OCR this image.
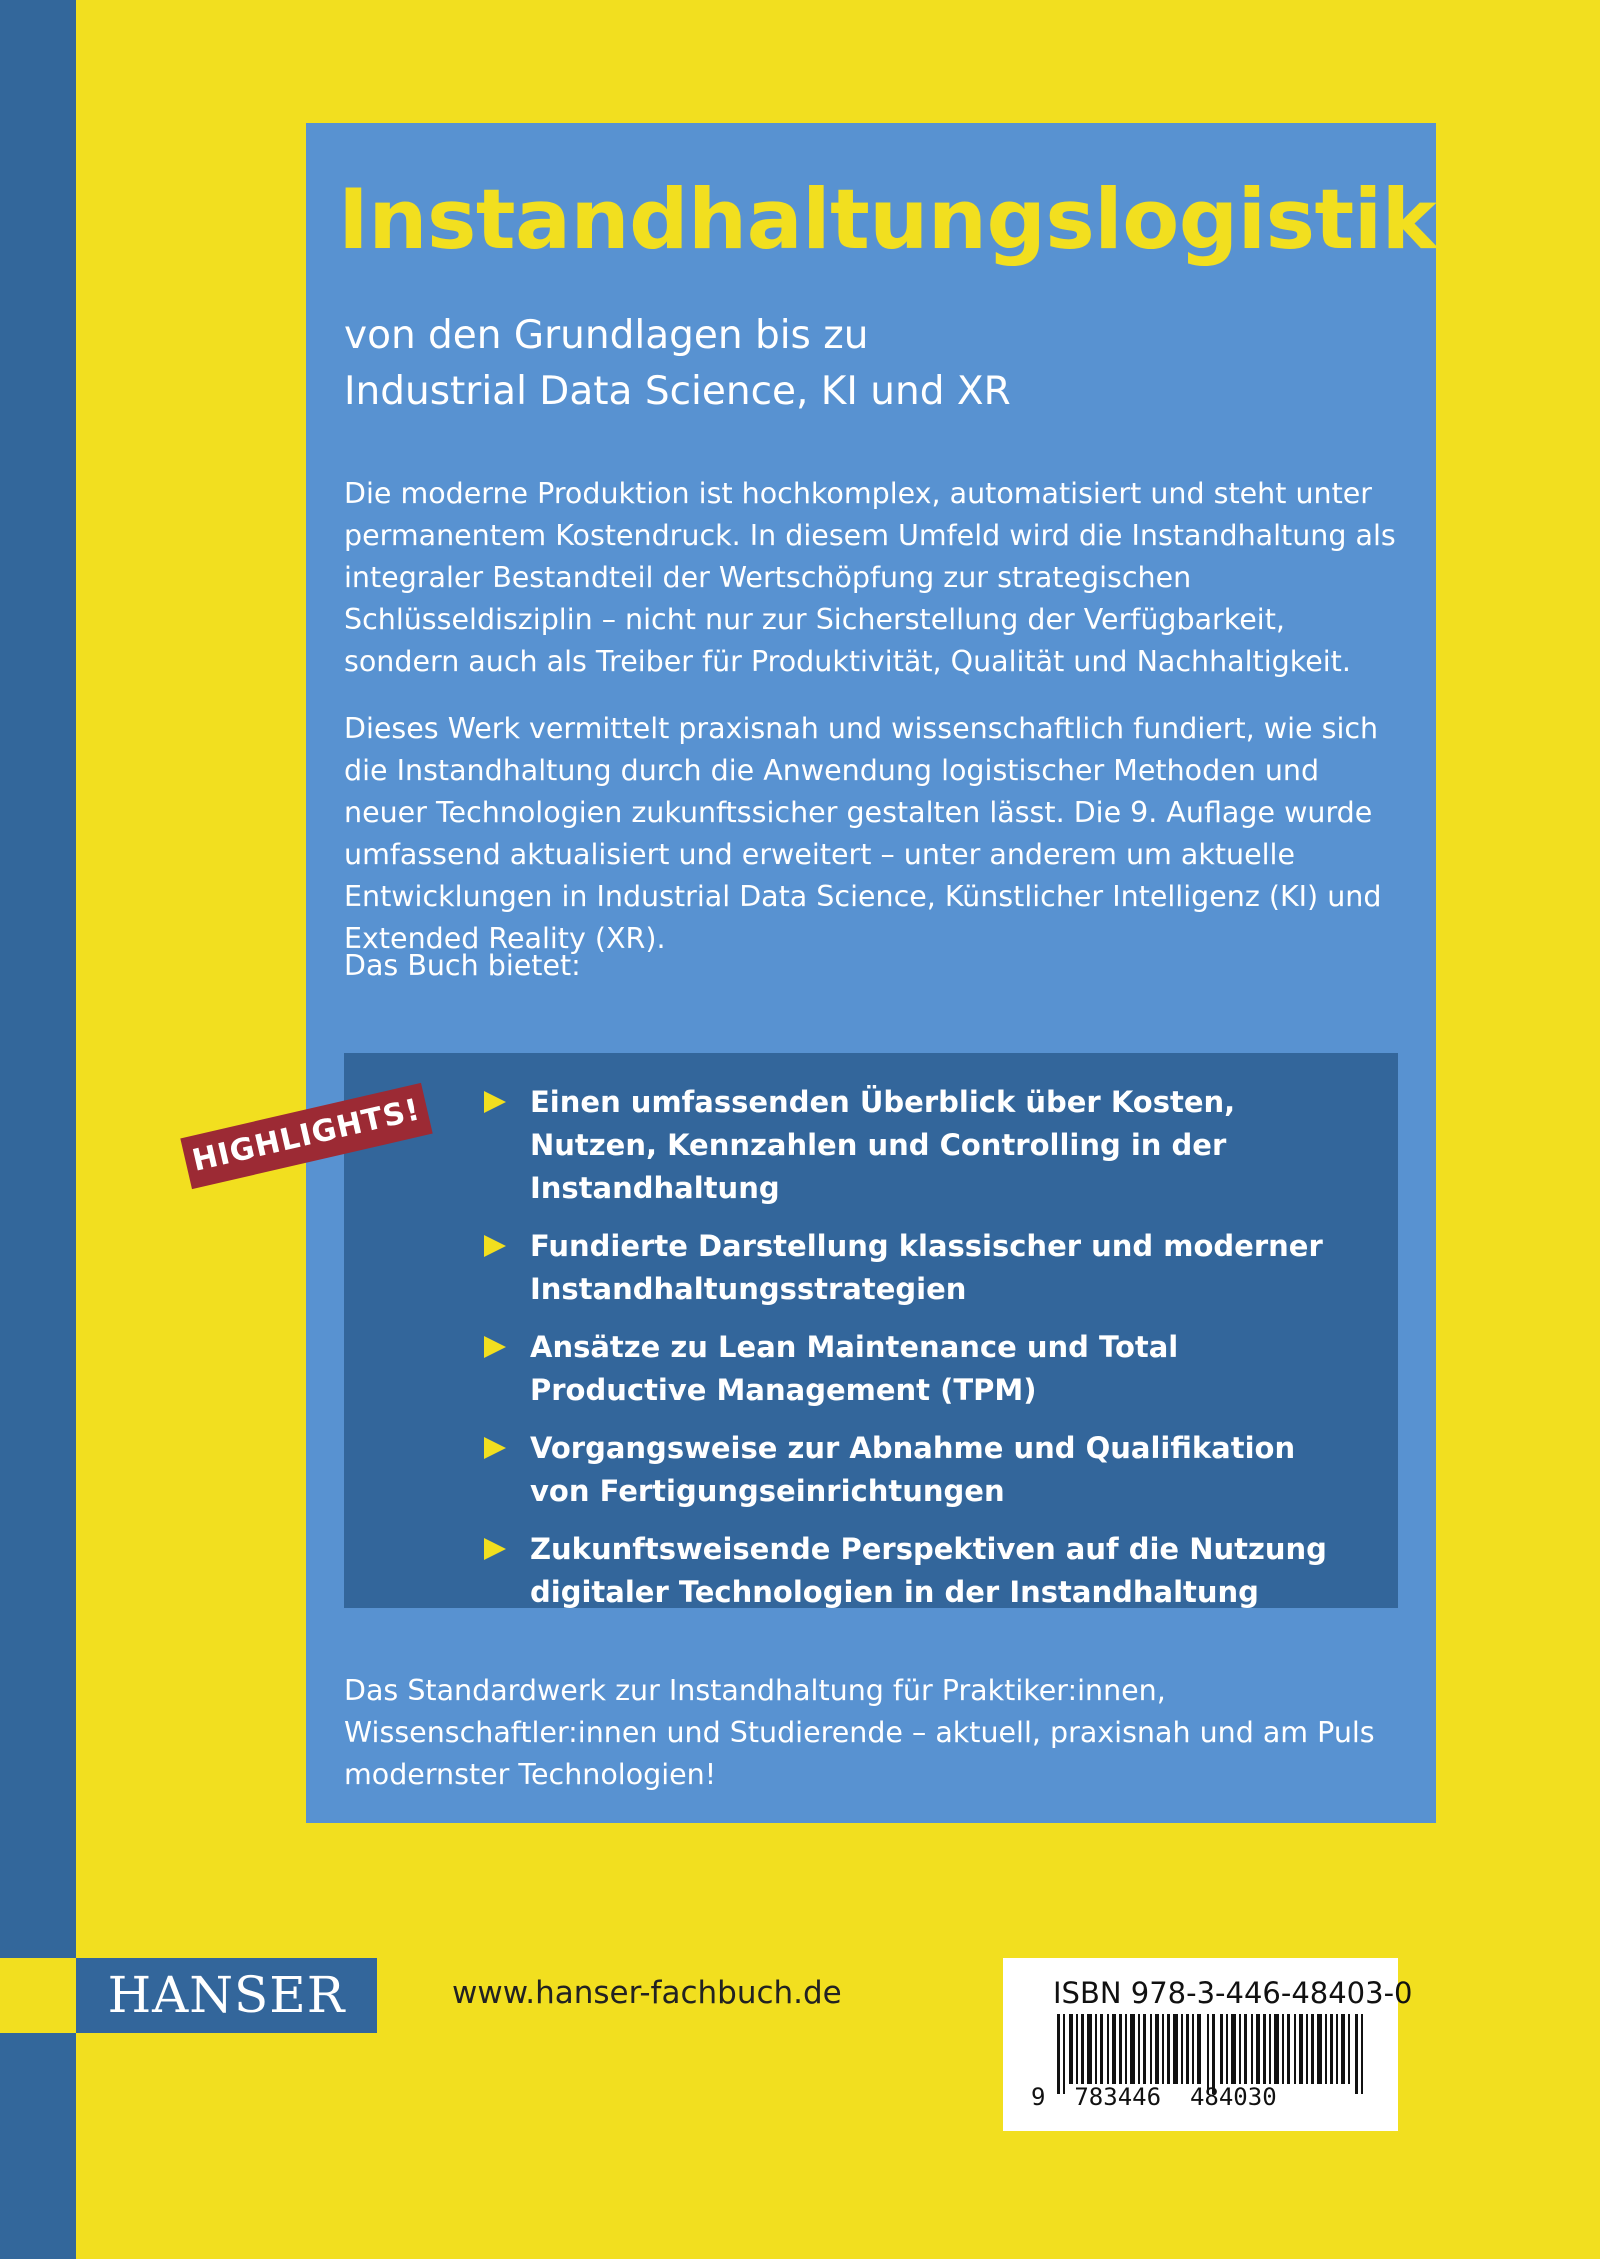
Instandhaltungslogistik
von den Grundlagen bis zu
Industrial Data Science, KI und XR
Die moderne Produktion ist hochkomplex, automatisiert und steht unter permanentem Kostendruck. In diesem Umfeld wird die Instandhaltung als integraler Bestandteil der Wertschöpfung zur strategischen Schlüsseldisziplin – nicht nur zur Sicherstellung der Verfügbarkeit, sondern auch als Treiber für Produktivität, Qualität und Nachhaltigkeit.
Dieses Werk vermittelt praxisnah und wissenschaftlich fundiert, wie sich die Instandhaltung durch die Anwendung logistischer Methoden und neuer Technologien zukunftssicher gestalten lässt. Die 9. Auflage wurde umfassend aktualisiert und erweitert – unter anderem um aktuelle Entwicklungen in Industrial Data Science, Künstlicher Intelligenz (KI) und Extended Reality (XR).
Das Buch bietet:
Einen umfassenden Überblick über Kosten, Nutzen, Kennzahlen und Controlling in der Instandhaltung
Fundierte Darstellung klassischer und moderner Instandhaltungsstrategien
Ansätze zu Lean Maintenance und Total Productive Management (TPM)
Vorgangsweise zur Abnahme und Qualifikation von Fertigungseinrichtungen
Zukunftsweisende Perspektiven auf die Nutzung digitaler Technologien in der Instandhaltung
Das Standardwerk zur Instandhaltung für Praktiker:innen, Wissenschaftler:innen und Studierende – aktuell, praxisnah und am Puls modernster Technologien!
HIGHLIGHTS!
HANSER	www.hanser-fachbuch.de	ISBN 978-3-446-48403-0
9  783446  484030
